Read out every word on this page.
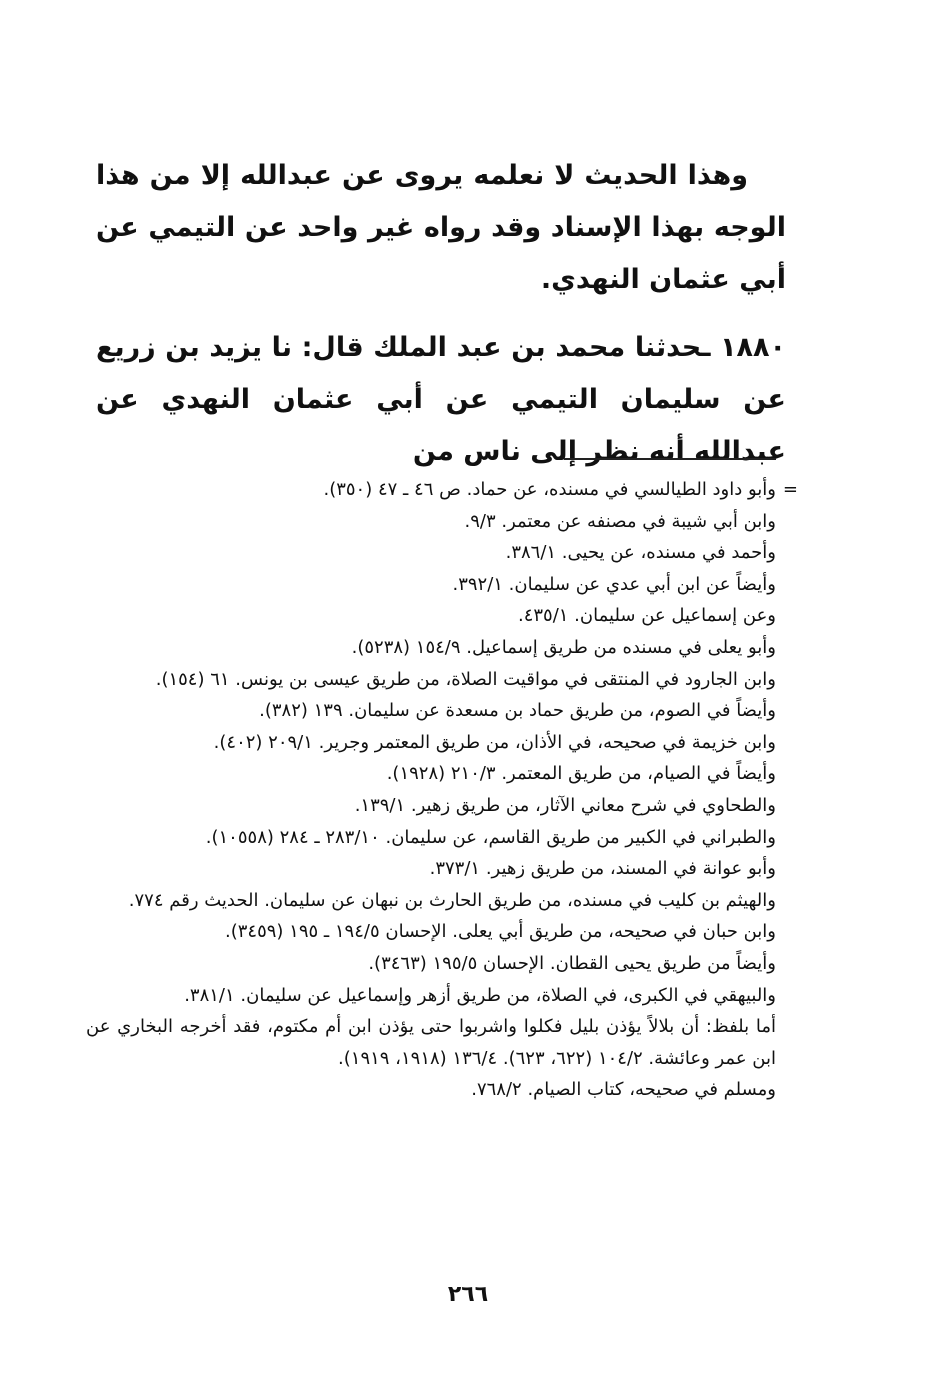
وهذا الحديث لا نعلمه يروى عن عبدالله إلا من هذا الوجه بهذا الإسناد وقد رواه غير واحد عن التيمي عن أبي عثمان النهدي.

١٨٨٠ ـحدثنا محمد بن عبد الملك قال: نا يزيد بن زريع عن سليمان التيمي عن أبي عثمان النهدي عن عبدالله أنه نظر إلى ناس من

=
وأبو داود الطيالسي في مسنده، عن حماد. ص ٤٦ ـ ٤٧ (٣٥٠).

وابن أبي شيبة في مصنفه عن معتمر. ٩/٣.

وأحمد في مسنده، عن يحيى. ٣٨٦/١.

وأيضاً عن ابن أبي عدي عن سليمان. ٣٩٢/١.

وعن إسماعيل عن سليمان. ٤٣٥/١.

وأبو يعلى في مسنده من طريق إسماعيل. ١٥٤/٩ (٥٢٣٨).

وابن الجارود في المنتقى في مواقيت الصلاة، من طريق عيسى بن يونس. ٦١ (١٥٤).

وأيضاً في الصوم، من طريق حماد بن مسعدة عن سليمان. ١٣٩ (٣٨٢).

وابن خزيمة في صحيحه، في الأذان، من طريق المعتمر وجرير. ٢٠٩/١ (٤٠٢).

وأيضاً في الصيام، من طريق المعتمر. ٢١٠/٣ (١٩٢٨).

والطحاوي في شرح معاني الآثار، من طريق زهير. ١٣٩/١.

والطبراني في الكبير من طريق القاسم، عن سليمان. ٢٨٣/١٠ ـ ٢٨٤ (١٠٥٥٨).

وأبو عوانة في المسند، من طريق زهير. ٣٧٣/١.

والهيثم بن كليب في مسنده، من طريق الحارث بن نبهان عن سليمان. الحديث رقم ٧٧٤.

وابن حبان في صحيحه، من طريق أبي يعلى. الإحسان ١٩٤/٥ ـ ١٩٥ (٣٤٥٩).

وأيضاً من طريق يحيى القطان. الإحسان ١٩٥/٥ (٣٤٦٣).

والبيهقي في الكبرى، في الصلاة، من طريق أزهر وإسماعيل عن سليمان. ٣٨١/١.

أما بلفظ: أن بلالاً يؤذن بليل فكلوا واشربوا حتى يؤذن ابن أم مكتوم، فقد أخرجه البخاري عن ابن عمر وعائشة. ١٠٤/٢ (٦٢٢، ٦٢٣). ١٣٦/٤ (١٩١٨، ١٩١٩).

ومسلم في صحيحه، كتاب الصيام. ٧٦٨/٢.

٢٦٦
